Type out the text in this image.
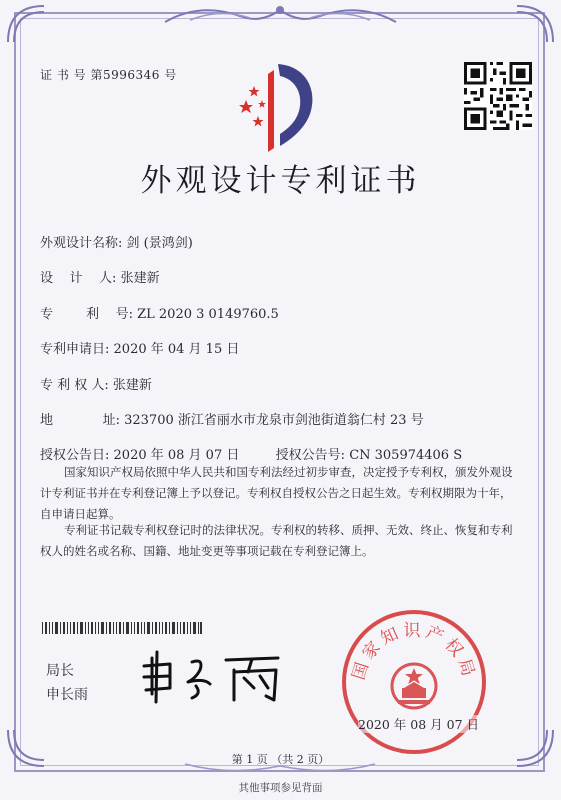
证 书 号 第5996346 号
外观设计专利证书
外观设计名称: 剑 (景鸿剑)
设    计    人: 张建新
专        利    号: ZL 2020 3 0149760.5
专利申请日: 2020 年 04 月 15 日
专 利 权 人: 张建新
地            址: 323700 浙江省丽水市龙泉市剑池街道翁仁村 23 号
授权公告日: 2020 年 08 月 07 日	授权公告号: CN 305974406 S
国家知识产权局依照中华人民共和国专利法经过初步审查，决定授予专利权，颁发外观设计专利证书并在专利登记簿上予以登记。专利权自授权公告之日起生效。专利权期限为十年，自申请日起算。
专利证书记载专利权登记时的法律状况。专利权的转移、质押、无效、终止、恢复和专利权人的姓名或名称、国籍、地址变更等事项记载在专利登记簿上。
局长
申长雨
国家知识产权局
2020 年 08 月 07 日
第 1 页 （共 2 页）
其他事项参见背面
